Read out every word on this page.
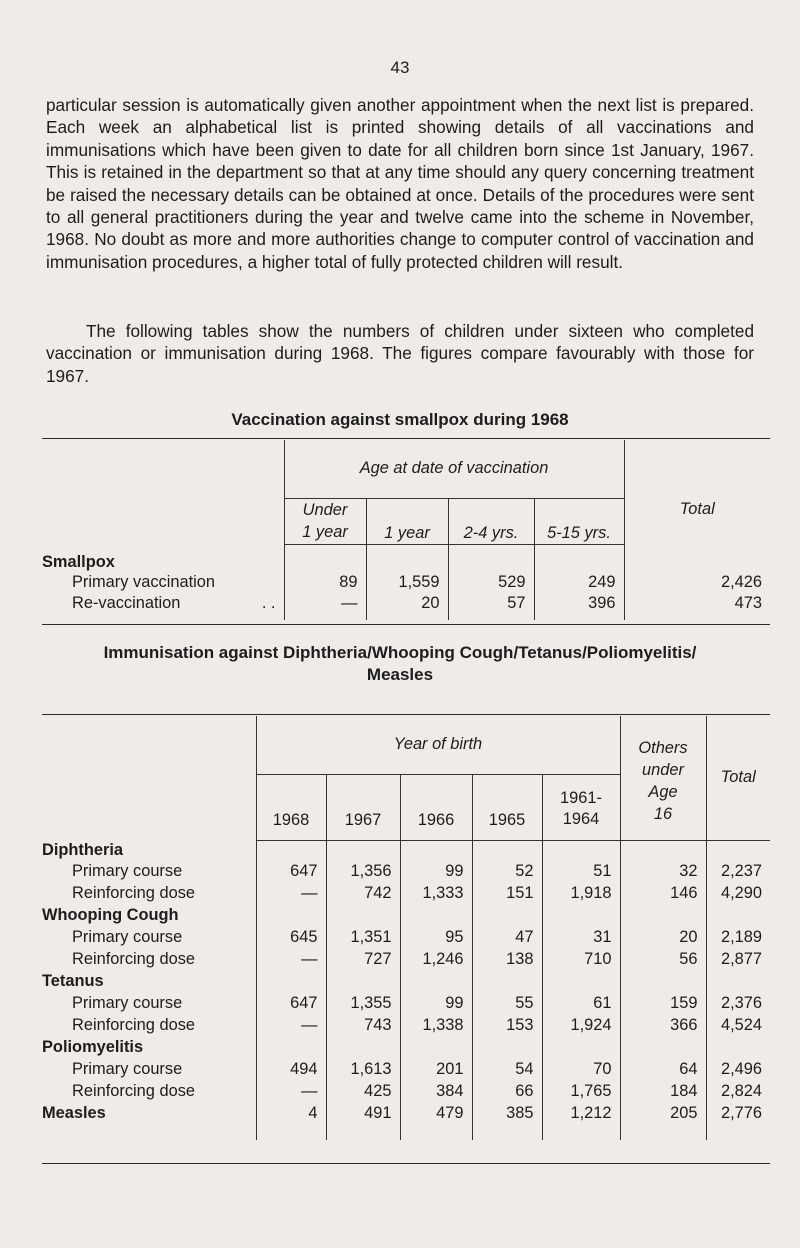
43

particular session is automatically given another appointment when the next list is prepared. Each week an alphabetical list is printed showing details of all vaccinations and immunisations which have been given to date for all children born since 1st January, 1967. This is retained in the department so that at any time should any query concerning treatment be raised the necessary details can be obtained at once. Details of the procedures were sent to all general practitioners during the year and twelve came into the scheme in November, 1968. No doubt as more and more authorities change to computer control of vaccination and immunisation procedures, a higher total of fully protected children will result.

The following tables show the numbers of children under sixteen who completed vaccination or immunisation during 1968. The figures compare favourably with those for 1967.

Vaccination against smallpox during 1968
	Age at date of vaccination				
	Under
1 year	1 year	2-4 yrs.	5-15 yrs.	Total
Smallpox					
Primary vaccination	89	1,559	529	249	2,426
Re-vaccination . .	—	20	57	396	473

Immunisation against Diphtheria/Whooping Cough/Tetanus/Poliomyelitis/
Measles
	Year of birth					Others
under
Age
16	Total
	1968	1967	1966	1965	1961-
1964		
Diphtheria							
Primary course	647	1,356	99	52	51	32	2,237
Reinforcing dose	—	742	1,333	151	1,918	146	4,290
Whooping Cough							
Primary course	645	1,351	95	47	31	20	2,189
Reinforcing dose	—	727	1,246	138	710	56	2,877
Tetanus							
Primary course	647	1,355	99	55	61	159	2,376
Reinforcing dose	—	743	1,338	153	1,924	366	4,524
Poliomyelitis							
Primary course	494	1,613	201	54	70	64	2,496
Reinforcing dose	—	425	384	66	1,765	184	2,824
Measles	4	491	479	385	1,212	205	2,776
